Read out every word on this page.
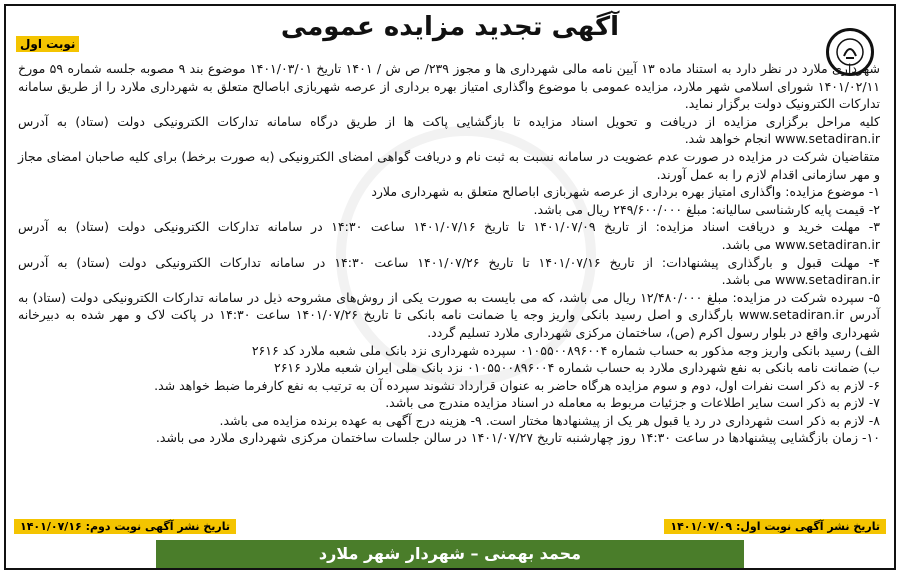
آگهی تجدید مزایده عمومی
نوبت اول

شهرداری ملارد در نظر دارد به استناد ماده ۱۳ آیین نامه مالی شهرداری ها و مجوز ۲۳۹/ ص ش / ۱۴۰۱ تاریخ ۱۴۰۱/۰۳/۰۱ موضوع بند ۹ مصوبه جلسه شماره ۵۹ مورخ ۱۴۰۱/۰۲/۱۱ شورای اسلامی شهر ملارد، مزایده عمومی با موضوع واگذاری امتیاز بهره برداری از عرصه شهربازی اباصالح متعلق به شهرداری ملارد را از طریق سامانه تدارکات الکترونیک دولت برگزار نماید.

کلیه مراحل برگزاری مزایده از دریافت و تحویل اسناد مزایده تا بازگشایی پاکت ها از طریق درگاه سامانه تدارکات الکترونیکی دولت (ستاد) به آدرس www.setadiran.ir انجام خواهد شد.

متقاضیان شرکت در مزایده در صورت عدم عضویت در سامانه نسبت به ثبت نام و دریافت گواهی امضای الکترونیکی (به صورت برخط) برای کلیه صاحبان امضای مجاز و مهر سازمانی اقدام لازم را به عمل آورند.

۱- موضوع مزایده: واگذاری امتیاز بهره برداری از عرصه شهربازی اباصالح متعلق به شهرداری ملارد

۲- قیمت پایه کارشناسی سالیانه: مبلغ ۲۴۹/۶۰۰/۰۰۰ ریال می باشد.

۳- مهلت خرید و دریافت اسناد مزایده: از تاریخ ۱۴۰۱/۰۷/۰۹ تا تاریخ ۱۴۰۱/۰۷/۱۶ ساعت ۱۴:۳۰ در سامانه تدارکات الکترونیکی دولت (ستاد) به آدرس www.setadiran.ir می باشد.

۴- مهلت قبول و بارگذاری پیشنهادات: از تاریخ ۱۴۰۱/۰۷/۱۶ تا تاریخ ۱۴۰۱/۰۷/۲۶ ساعت ۱۴:۳۰ در سامانه تدارکات الکترونیکی دولت (ستاد) به آدرس www.setadiran.ir می باشد.

۵- سپرده شرکت در مزایده: مبلغ ۱۲/۴۸۰/۰۰۰ ریال می باشد، که می بایست به صورت یکی از روش‌های مشروحه ذیل در سامانه تدارکات الکترونیکی دولت (ستاد) به آدرس www.setadiran.ir بارگذاری و اصل رسید بانکی واریز وجه یا ضمانت نامه بانکی تا تاریخ ۱۴۰۱/۰۷/۲۶ ساعت ۱۴:۳۰ در پاکت لاک و مهر شده به دبیرخانه شهرداری واقع در بلوار رسول اکرم (ص)، ساختمان مرکزی شهرداری ملارد تسلیم گردد.

الف) رسید بانکی واریز وجه مذکور به حساب شماره ۰۱۰۵۵۰۰۸۹۶۰۰۴ سپرده شهرداری نزد بانک ملی شعبه ملارد کد ۲۶۱۶

ب) ضمانت نامه بانکی به نفع شهرداری ملارد به حساب شماره ۰۱۰۵۵۰۰۸۹۶۰۰۴ نزد بانک ملی ایران شعبه ملارد ۲۶۱۶

۶- لازم به ذکر است نفرات اول، دوم و سوم مزایده هرگاه حاضر به عنوان قرارداد نشوند سپرده آن به ترتیب به نفع کارفرما ضبط خواهد شد.

۷- لازم به ذکر است سایر اطلاعات و جزئیات مربوط به معامله در اسناد مزایده مندرج می باشد.

۸- لازم به ذکر است شهرداری در رد یا قبول هر یک از پیشنهادها مختار است. ۹- هزینه درج آگهی به عهده برنده مزایده می باشد.

۱۰- زمان بازگشایی پیشنهادها در ساعت ۱۴:۳۰ روز چهارشنبه تاریخ ۱۴۰۱/۰۷/۲۷ در سالن جلسات ساختمان مرکزی شهرداری ملارد می باشد.

تاریخ نشر آگهی نوبت اول: ۱۴۰۱/۰۷/۰۹
تاریخ نشر آگهی نوبت دوم: ۱۴۰۱/۰۷/۱۶
محمد بهمنی – شهردار شهر ملارد
